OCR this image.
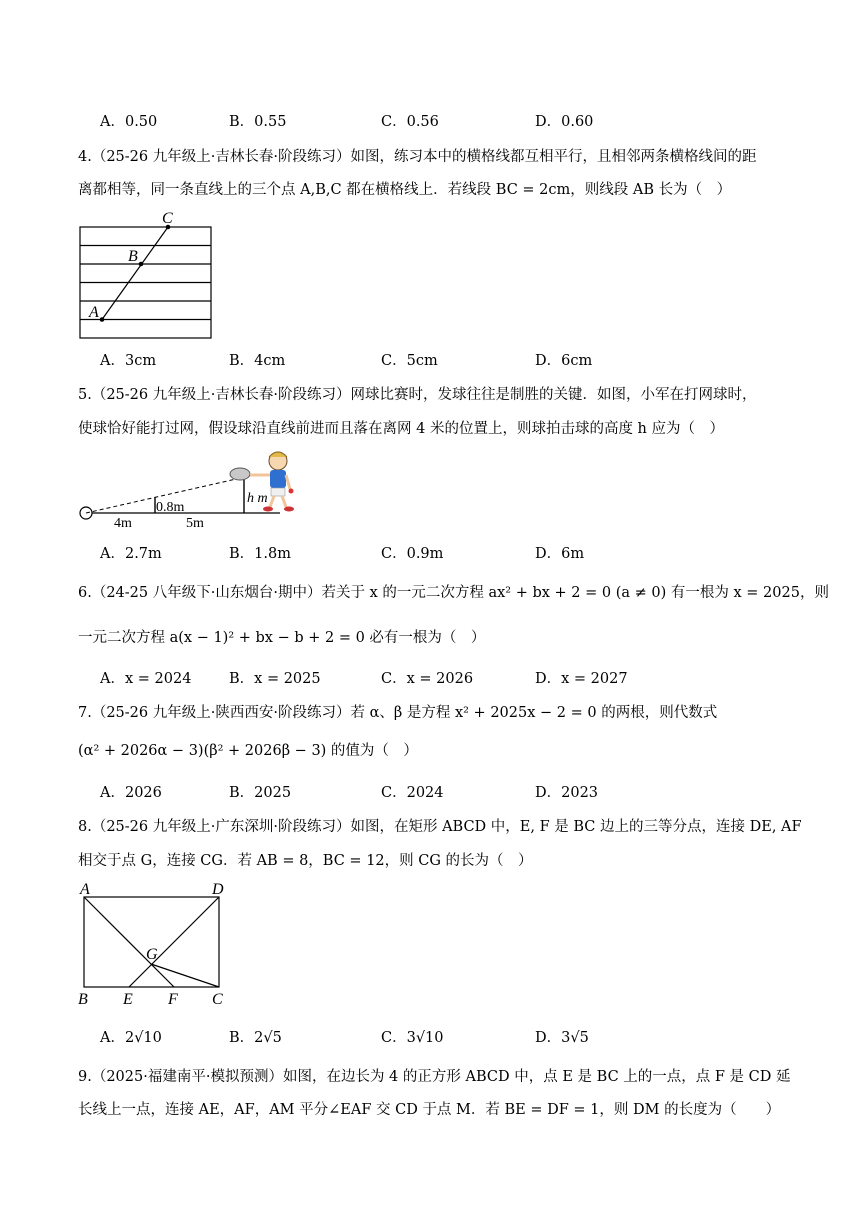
A．0.50	B．0.55	C．0.56	D．0.60
4.（25-26 九年级上·吉林长春·阶段练习）如图，练习本中的横格线都互相平行，且相邻两条横格线间的距
离都相等，同一条直线上的三个点 A,B,C 都在横格线上．若线段 BC = 2cm，则线段 AB 长为（　）
C
B
A
A．3cm	B．4cm	C．5cm	D．6cm
5.（25-26 九年级上·吉林长春·阶段练习）网球比赛时，发球往往是制胜的关键．如图，小军在打网球时，
使球恰好能打过网，假设球沿直线前进而且落在离网 4 米的位置上，则球拍击球的高度 h 应为（　）
0.8m
4m	5m
h m
A．2.7m	B．1.8m	C．0.9m	D．6m
6.（24-25 八年级下·山东烟台·期中）若关于 x 的一元二次方程 ax² + bx + 2 = 0 (a ≠ 0) 有一根为 x = 2025，则
一元二次方程 a(x − 1)² + bx − b + 2 = 0 必有一根为（　）
A．x = 2024	B．x = 2025	C．x = 2026	D．x = 2027
7.（25-26 九年级上·陕西西安·阶段练习）若 α、β 是方程 x² + 2025x − 2 = 0 的两根，则代数式
(α² + 2026α − 3)(β² + 2026β − 3) 的值为（　）
A．2026	B．2025	C．2024	D．2023
8.（25-26 九年级上·广东深圳·阶段练习）如图，在矩形 ABCD 中，E, F 是 BC 边上的三等分点，连接 DE, AF
相交于点 G，连接 CG．若 AB = 8，BC = 12，则 CG 的长为（　）
A	D
G
B E F C
A．2√10	B．2√5	C．3√10	D．3√5
9.（2025·福建南平·模拟预测）如图，在边长为 4 的正方形 ABCD 中，点 E 是 BC 上的一点，点 F 是 CD 延
长线上一点，连接 AE，AF，AM 平分∠EAF 交 CD 于点 M．若 BE = DF = 1，则 DM 的长度为（　　）
